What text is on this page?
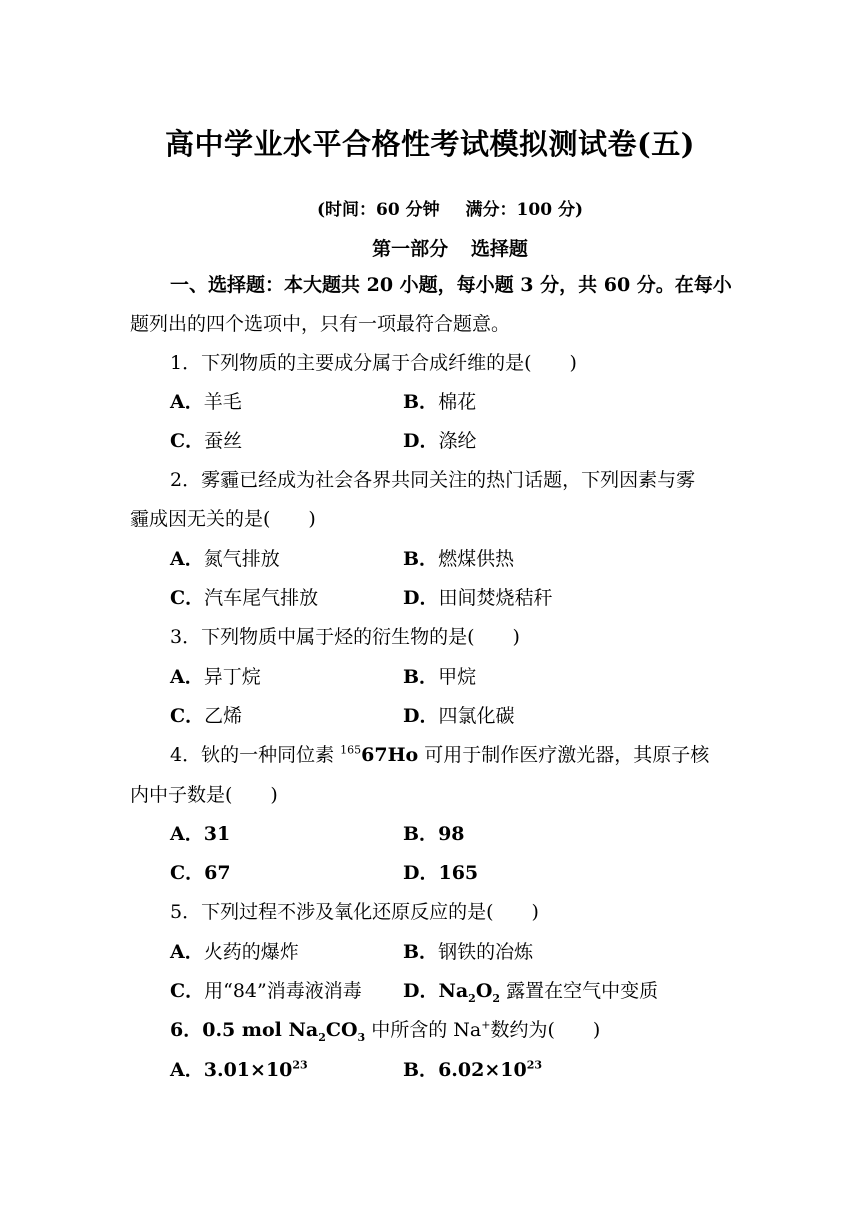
高中学业水平合格性考试模拟测试卷(五)
(时间：60 分钟 满分：100 分)
第一部分 选择题
一、选择题：本大题共 20 小题，每小题 3 分，共 60 分。在每小
题列出的四个选项中，只有一项最符合题意。
1．下列物质的主要成分属于合成纤维的是(　　)
A．羊毛	B．棉花
C．蚕丝	D．涤纶
2．雾霾已经成为社会各界共同关注的热门话题，下列因素与雾
霾成因无关的是(　　)
A．氮气排放	B．燃煤供热
C．汽车尾气排放	D．田间焚烧秸秆
3．下列物质中属于烃的衍生物的是(　　)
A．异丁烷	B．甲烷
C．乙烯	D．四氯化碳
4．钬的一种同位素 $^{165}$67Ho 可用于制作医疗激光器，其原子核
内中子数是(　　)
A．31	B．98
C．67	D．165
5．下列过程不涉及氧化还原反应的是(　　)
A．火药的爆炸	B．钢铁的冶炼
C．用“84”消毒液消毒 D．$Na_2O_2$ 露置在空气中变质
6．0.5 mol $Na_2CO_3$ 中所含的 Na+数约为(　　)
A．$3.01\times 10^{23}$	B．$6.02\times 10^{23}$
